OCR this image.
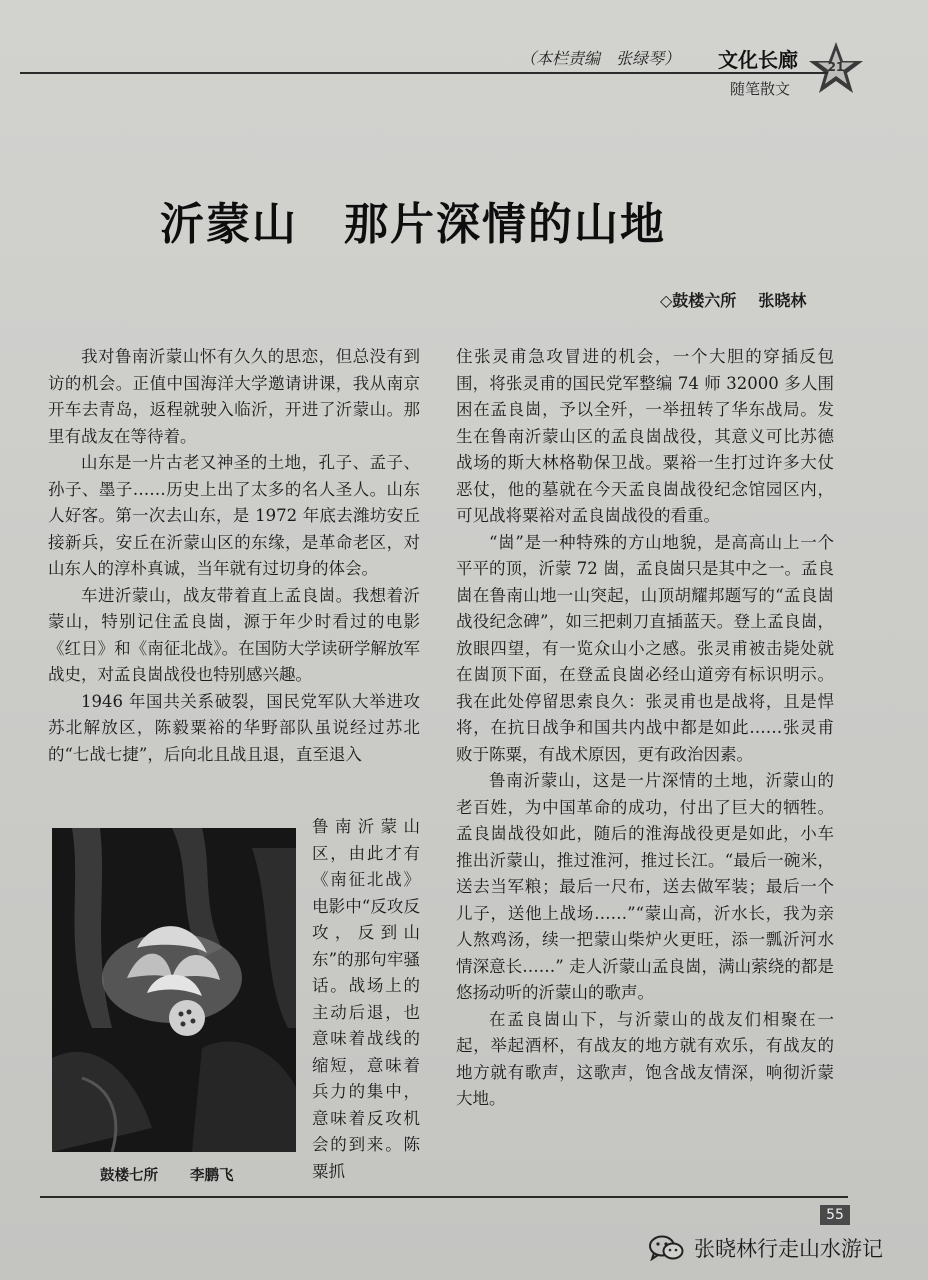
（本栏责编　张绿琴） 文化长廊
随笔散文
21
沂蒙山　那片深情的山地
◇鼓楼六所 张晓林

我对鲁南沂蒙山怀有久久的思恋，但总没有到访的机会。正值中国海洋大学邀请讲课，我从南京开车去青岛，返程就驶入临沂，开进了沂蒙山。那里有战友在等待着。

山东是一片古老又神圣的土地，孔子、孟子、孙子、墨子……历史上出了太多的名人圣人。山东人好客。第一次去山东，是 1972 年底去潍坊安丘接新兵，安丘在沂蒙山区的东缘，是革命老区，对山东人的淳朴真诚，当年就有过切身的体会。

车进沂蒙山，战友带着直上孟良崮。我想着沂蒙山，特别记住孟良崮，源于年少时看过的电影《红日》和《南征北战》。在国防大学读研学解放军战史，对孟良崮战役也特别感兴趣。

1946 年国共关系破裂，国民党军队大举进攻苏北解放区，陈毅粟裕的华野部队虽说经过苏北的“七战七捷”，后向北且战且退，直至退入

鼓楼七所 李鹏飞

鲁南沂蒙山区，由此才有《南征北战》电影中“反攻反攻，反到山东”的那句牢骚话。战场上的主动后退，也意味着战线的缩短，意味着兵力的集中，意味着反攻机会的到来。陈粟抓

住张灵甫急攻冒进的机会，一个大胆的穿插反包围，将张灵甫的国民党军整编 74 师 32000 多人围困在孟良崮，予以全歼，一举扭转了华东战局。发生在鲁南沂蒙山区的孟良崮战役，其意义可比苏德战场的斯大林格勒保卫战。粟裕一生打过许多大仗恶仗，他的墓就在今天孟良崮战役纪念馆园区内，可见战将粟裕对孟良崮战役的看重。

“崮”是一种特殊的方山地貌，是高高山上一个平平的顶，沂蒙 72 崮，孟良崮只是其中之一。孟良崮在鲁南山地一山突起，山顶胡耀邦题写的“孟良崮战役纪念碑”，如三把刺刀直插蓝天。登上孟良崮，放眼四望，有一览众山小之感。张灵甫被击毙处就在崮顶下面，在登孟良崮必经山道旁有标识明示。我在此处停留思索良久：张灵甫也是战将，且是悍将，在抗日战争和国共内战中都是如此……张灵甫败于陈粟，有战术原因，更有政治因素。

鲁南沂蒙山，这是一片深情的土地，沂蒙山的老百姓，为中国革命的成功，付出了巨大的牺牲。孟良崮战役如此，随后的淮海战役更是如此，小车推出沂蒙山，推过淮河，推过长江。“最后一碗米，送去当军粮；最后一尺布，送去做军装；最后一个儿子，送他上战场……”“蒙山高，沂水长，我为亲人熬鸡汤，续一把蒙山柴炉火更旺，添一瓢沂河水情深意长……” 走人沂蒙山孟良崮，满山萦绕的都是悠扬动听的沂蒙山的歌声。

在孟良崮山下，与沂蒙山的战友们相聚在一起，举起酒杯，有战友的地方就有欢乐，有战友的地方就有歌声，这歌声，饱含战友情深，响彻沂蒙大地。

55
张晓林行走山水游记
